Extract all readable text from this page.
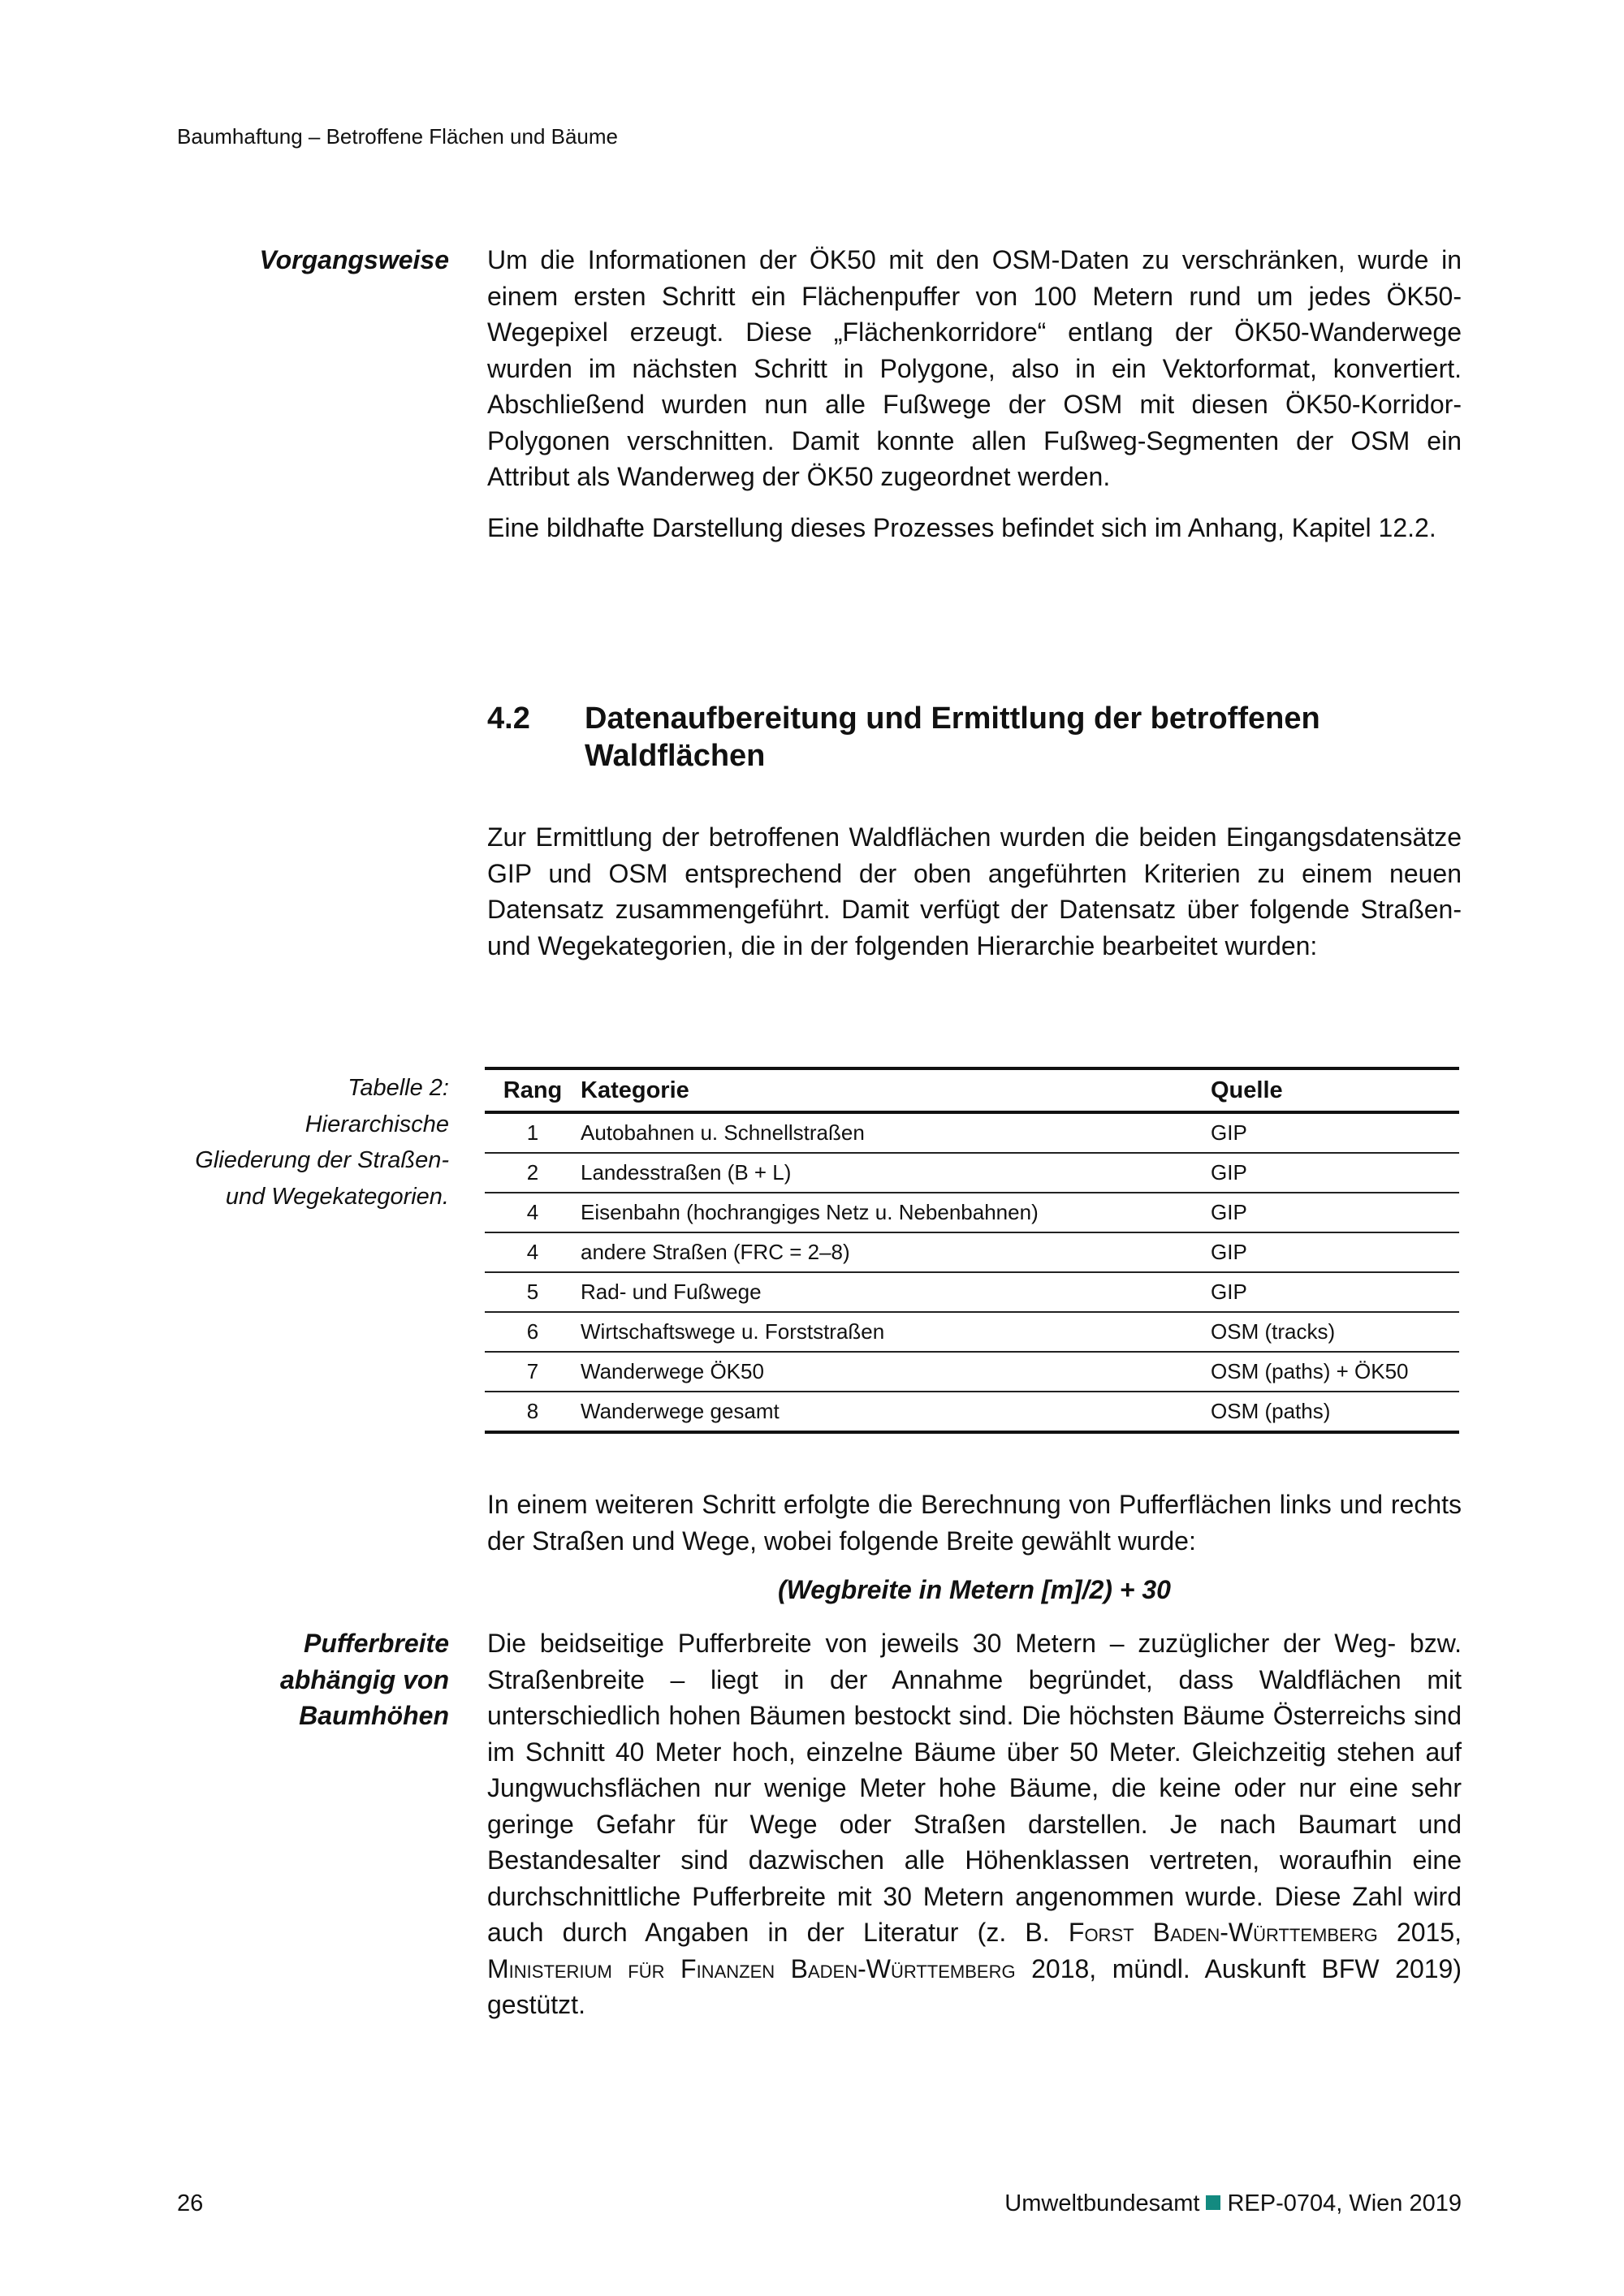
Baumhaftung – Betroffene Flächen und Bäume
Vorgangsweise Um die Informationen der ÖK50 mit den OSM-Daten zu verschränken, wurde in einem ersten Schritt ein Flächenpuffer von 100 Metern rund um jedes ÖK50-Wegepixel erzeugt. Diese „Flächenkorridore“ entlang der ÖK50-Wanderwege wurden im nächsten Schritt in Polygone, also in ein Vektorformat, konvertiert. Abschließend wurden nun alle Fußwege der OSM mit diesen ÖK50-Korridor-Polygonen verschnitten. Damit konnte allen Fußweg-Segmenten der OSM ein Attribut als Wanderweg der ÖK50 zugeordnet werden.

Eine bildhafte Darstellung dieses Prozesses befindet sich im Anhang, Kapitel 12.2.

4.2	Datenaufbereitung und Ermittlung der betroffenen Waldflächen
Zur Ermittlung der betroffenen Waldflächen wurden die beiden Eingangsdatensätze GIP und OSM entsprechend der oben angeführten Kriterien zu einem neuen Datensatz zusammengeführt. Damit verfügt der Datensatz über folgende Straßen- und Wegekategorien, die in der folgenden Hierarchie bearbeitet wurden:
Tabelle 2:
Hierarchische
Gliederung der Straßen-
und Wegekategorien.
Rang	Kategorie	Quelle
1	Autobahnen u. Schnellstraßen	GIP
2	Landesstraßen (B + L)	GIP
4	Eisenbahn (hochrangiges Netz u. Nebenbahnen)	GIP
4	andere Straßen (FRC = 2–8)	GIP
5	Rad- und Fußwege	GIP
6	Wirtschaftswege u. Forststraßen	OSM (tracks)
7	Wanderwege ÖK50	OSM (paths) + ÖK50
8	Wanderwege gesamt	OSM (paths)
In einem weiteren Schritt erfolgte die Berechnung von Pufferflächen links und rechts der Straßen und Wege, wobei folgende Breite gewählt wurde:
(Wegbreite in Metern [m]/2) + 30
Pufferbreite
abhängig von
Baumhöhen
Die beidseitige Pufferbreite von jeweils 30 Metern – zuzüglicher der Weg- bzw. Straßenbreite – liegt in der Annahme begründet, dass Waldflächen mit unterschiedlich hohen Bäumen bestockt sind. Die höchsten Bäume Österreichs sind im Schnitt 40 Meter hoch, einzelne Bäume über 50 Meter. Gleichzeitig stehen auf Jungwuchsflächen nur wenige Meter hohe Bäume, die keine oder nur eine sehr geringe Gefahr für Wege oder Straßen darstellen. Je nach Baumart und Bestandesalter sind dazwischen alle Höhenklassen vertreten, woraufhin eine durchschnittliche Pufferbreite mit 30 Metern angenommen wurde. Diese Zahl wird auch durch Angaben in der Literatur (z. B. Forst Baden-Württemberg 2015, Ministerium für Finanzen Baden-Württemberg 2018, mündl. Auskunft BFW 2019) gestützt.
26	Umweltbundesamt REP-0704, Wien 2019
